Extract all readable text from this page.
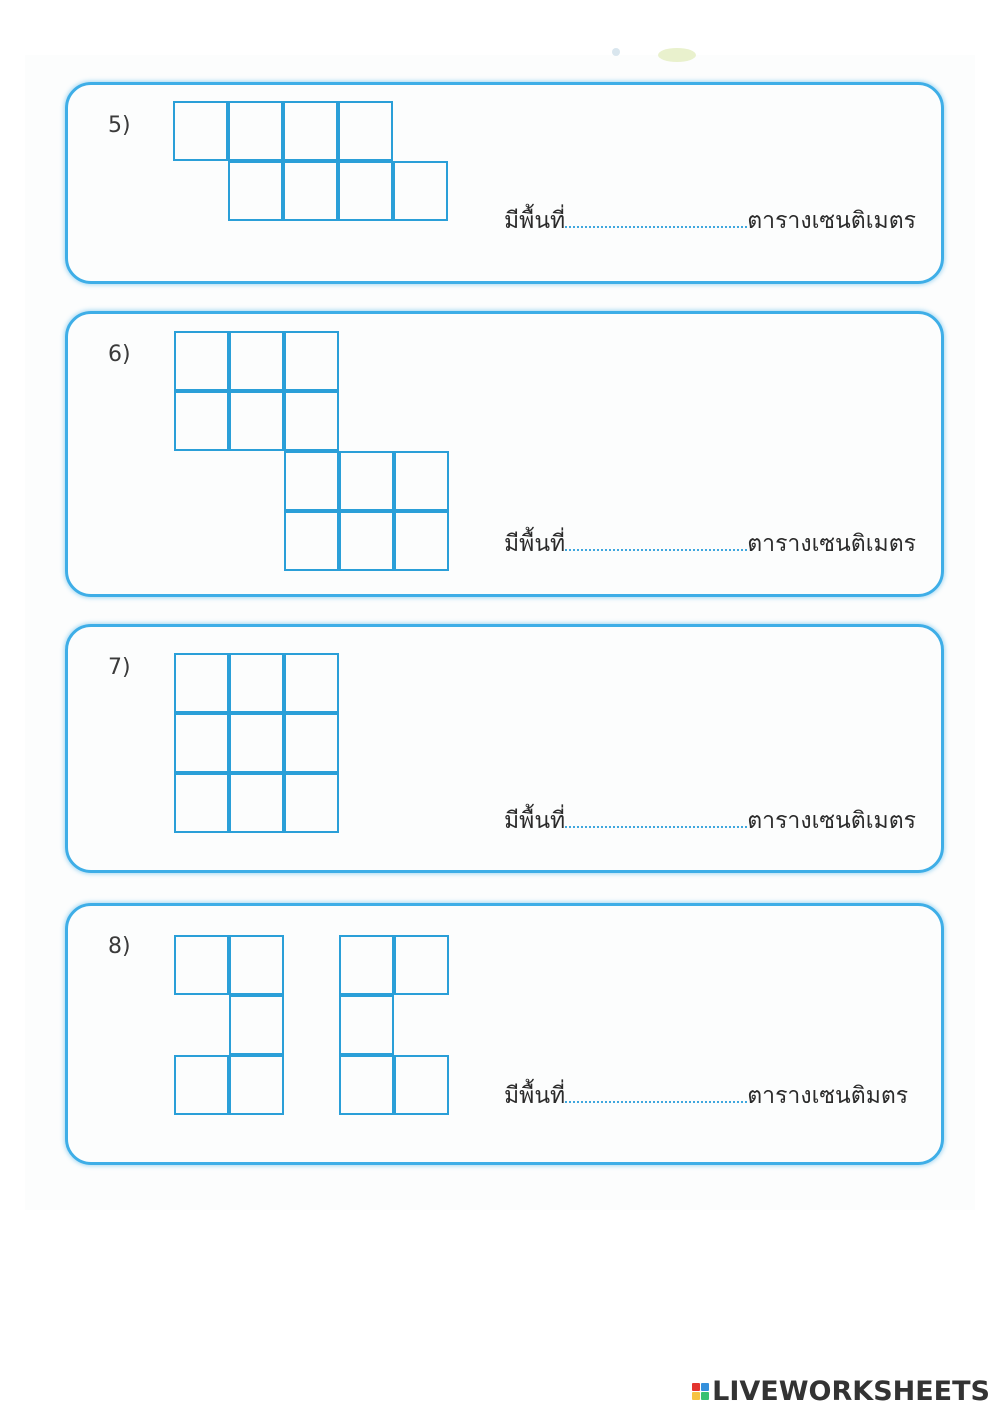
5)
มีพื้นที่	ตารางเซนติเมตร
6)
มีพื้นที่	ตารางเซนติเมตร
7)
มีพื้นที่	ตารางเซนติเมตร
8)
มีพื้นที่	ตารางเซนติมตร
LIVEWORKSHEETS
